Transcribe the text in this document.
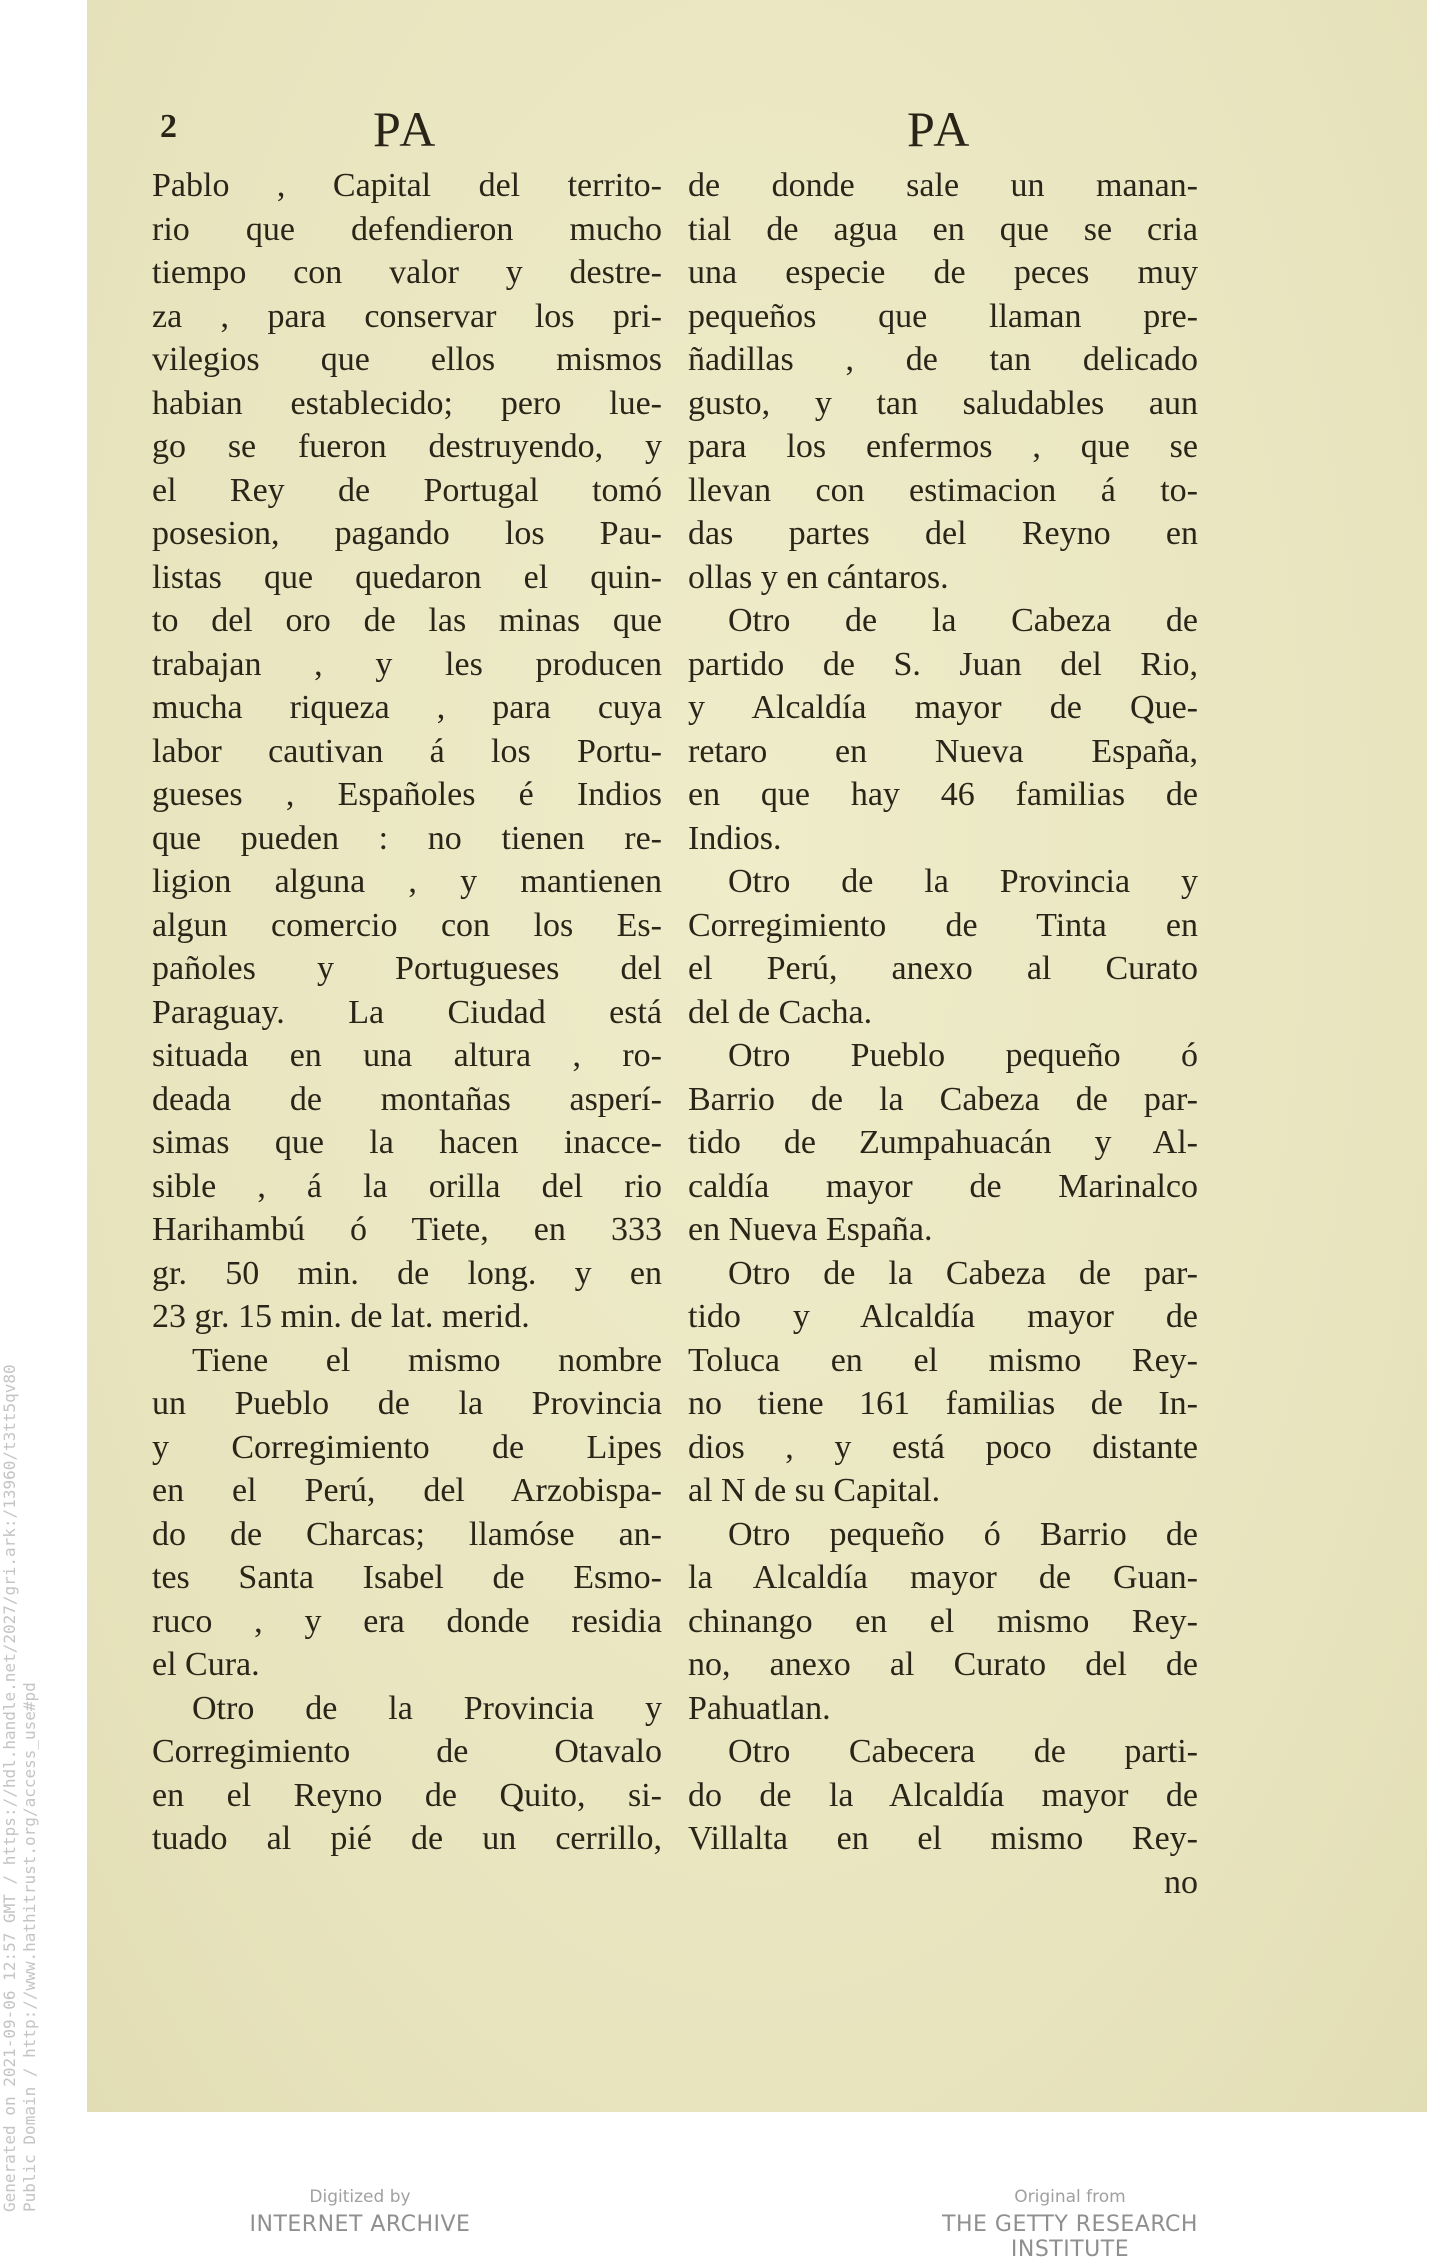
2	PA	PA
Pablo , Capital del territo-
rio que defendieron mucho
tiempo con valor y destre-
za , para conservar los pri-
vilegios que ellos mismos
habian establecido; pero lue-
go se fueron destruyendo, y
el Rey de Portugal tomó
posesion, pagando los Pau-
listas que quedaron el quin-
to del oro de las minas que
trabajan , y les producen
mucha riqueza , para cuya
labor cautivan á los Portu-
gueses , Españoles é Indios
que pueden : no tienen re-
ligion alguna , y mantienen
algun comercio con los Es-
pañoles y Portugueses del
Paraguay. La Ciudad está
situada en una altura , ro-
deada de montañas asperí-
simas que la hacen inacce-
sible , á la orilla del rio
Harihambú ó Tiete, en 333
gr. 50 min. de long. y en
23 gr. 15 min. de lat. merid.
Tiene el mismo nombre
un Pueblo de la Provincia
y Corregimiento de Lipes
en el Perú, del Arzobispa-
do de Charcas; llamóse an-
tes Santa Isabel de Esmo-
ruco , y era donde residia
el Cura.
Otro de la Provincia y
Corregimiento de Otavalo
en el Reyno de Quito, si-
tuado al pié de un cerrillo,
de donde sale un manan-
tial de agua en que se cria
una especie de peces muy
pequeños que llaman pre-
ñadillas , de tan delicado
gusto, y tan saludables aun
para los enfermos , que se
llevan con estimacion á to-
das partes del Reyno en
ollas y en cántaros.
Otro de la Cabeza de
partido de S. Juan del Rio,
y Alcaldía mayor de Que-
retaro en Nueva España,
en que hay 46 familias de
Indios.
Otro de la Provincia y
Corregimiento de Tinta en
el Perú, anexo al Curato
del de Cacha.
Otro Pueblo pequeño ó
Barrio de la Cabeza de par-
tido de Zumpahuacán y Al-
caldía mayor de Marinalco
en Nueva España.
Otro de la Cabeza de par-
tido y Alcaldía mayor de
Toluca en el mismo Rey-
no tiene 161 familias de In-
dios , y está poco distante
al N de su Capital.
Otro pequeño ó Barrio de
la Alcaldía mayor de Guan-
chinango en el mismo Rey-
no, anexo al Curato del de
Pahuatlan.
Otro Cabecera de parti-
do de la Alcaldía mayor de
Villalta en el mismo Rey-
no
Generated on 2021-09-06 12:57 GMT / https://hdl.handle.net/2027/gri.ark:/13960/t3tt5qv80 Public Domain / http://www.hathitrust.org/access_use#pd	Digitized by
INTERNET ARCHIVE
Original from
THE GETTY RESEARCH INSTITUTE
